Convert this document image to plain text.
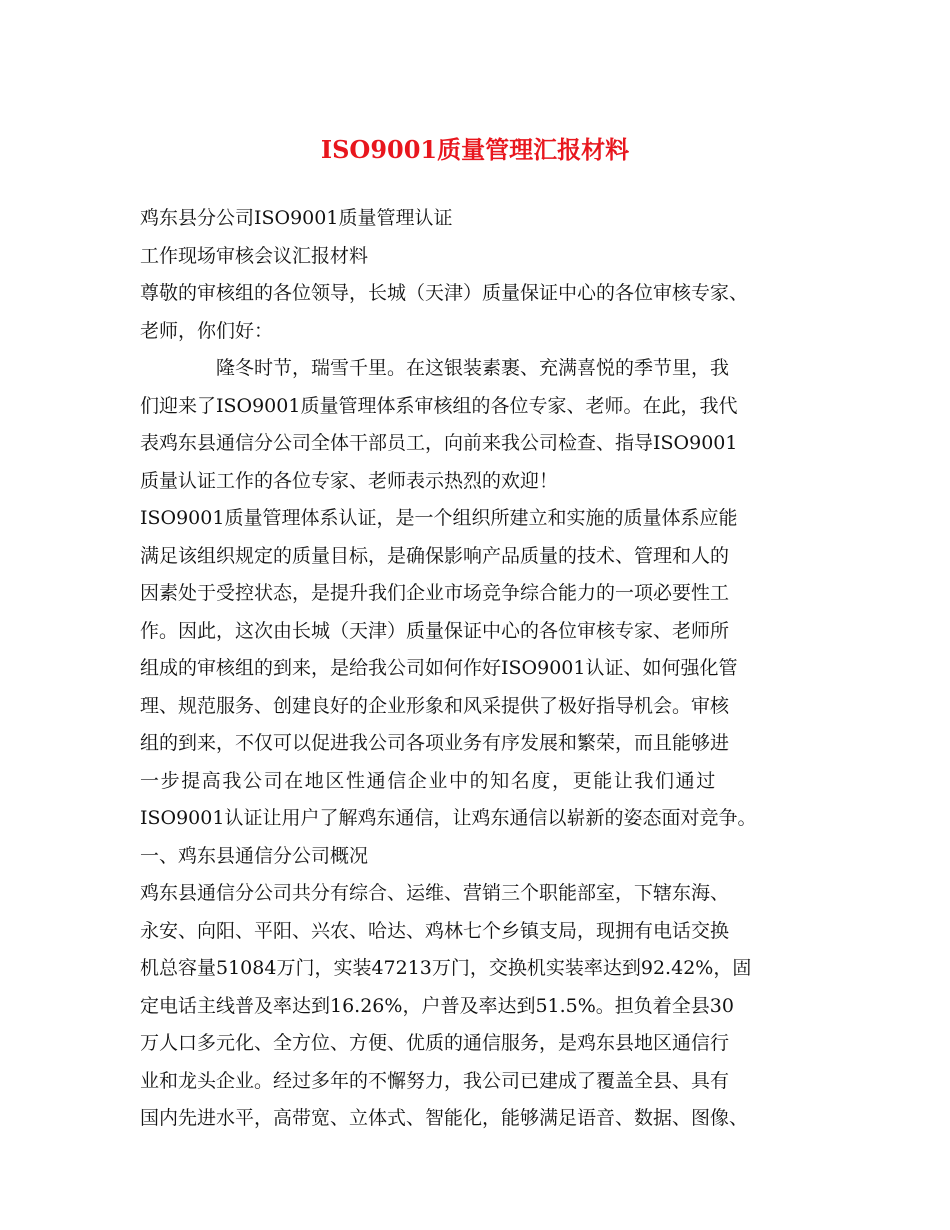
ISO9001质量管理汇报材料
鸡东县分公司ISO9001质量管理认证
工作现场审核会议汇报材料
尊敬的审核组的各位领导，长城（天津）质量保证中心的各位审核专家、
老师，你们好：
隆冬时节，瑞雪千里。在这银装素裹、充满喜悦的季节里，我
们迎来了ISO9001质量管理体系审核组的各位专家、老师。在此，我代
表鸡东县通信分公司全体干部员工，向前来我公司检查、指导ISO9001
质量认证工作的各位专家、老师表示热烈的欢迎！
ISO9001质量管理体系认证，是一个组织所建立和实施的质量体系应能
满足该组织规定的质量目标，是确保影响产品质量的技术、管理和人的
因素处于受控状态，是提升我们企业市场竞争综合能力的一项必要性工
作。因此，这次由长城（天津）质量保证中心的各位审核专家、老师所
组成的审核组的到来，是给我公司如何作好ISO9001认证、如何强化管
理、规范服务、创建良好的企业形象和风采提供了极好指导机会。审核
组的到来，不仅可以促进我公司各项业务有序发展和繁荣，而且能够进
一步提高我公司在地区性通信企业中的知名度，更能让我们通过
ISO9001认证让用户了解鸡东通信，让鸡东通信以崭新的姿态面对竞争。
一、鸡东县通信分公司概况
鸡东县通信分公司共分有综合、运维、营销三个职能部室，下辖东海、
永安、向阳、平阳、兴农、哈达、鸡林七个乡镇支局，现拥有电话交换
机总容量51084万门，实装47213万门，交换机实装率达到92.42%，固
定电话主线普及率达到16.26%，户普及率达到51.5%。担负着全县30
万人口多元化、全方位、方便、优质的通信服务，是鸡东县地区通信行
业和龙头企业。经过多年的不懈努力，我公司已建成了覆盖全县、具有
国内先进水平，高带宽、立体式、智能化，能够满足语音、数据、图像、
